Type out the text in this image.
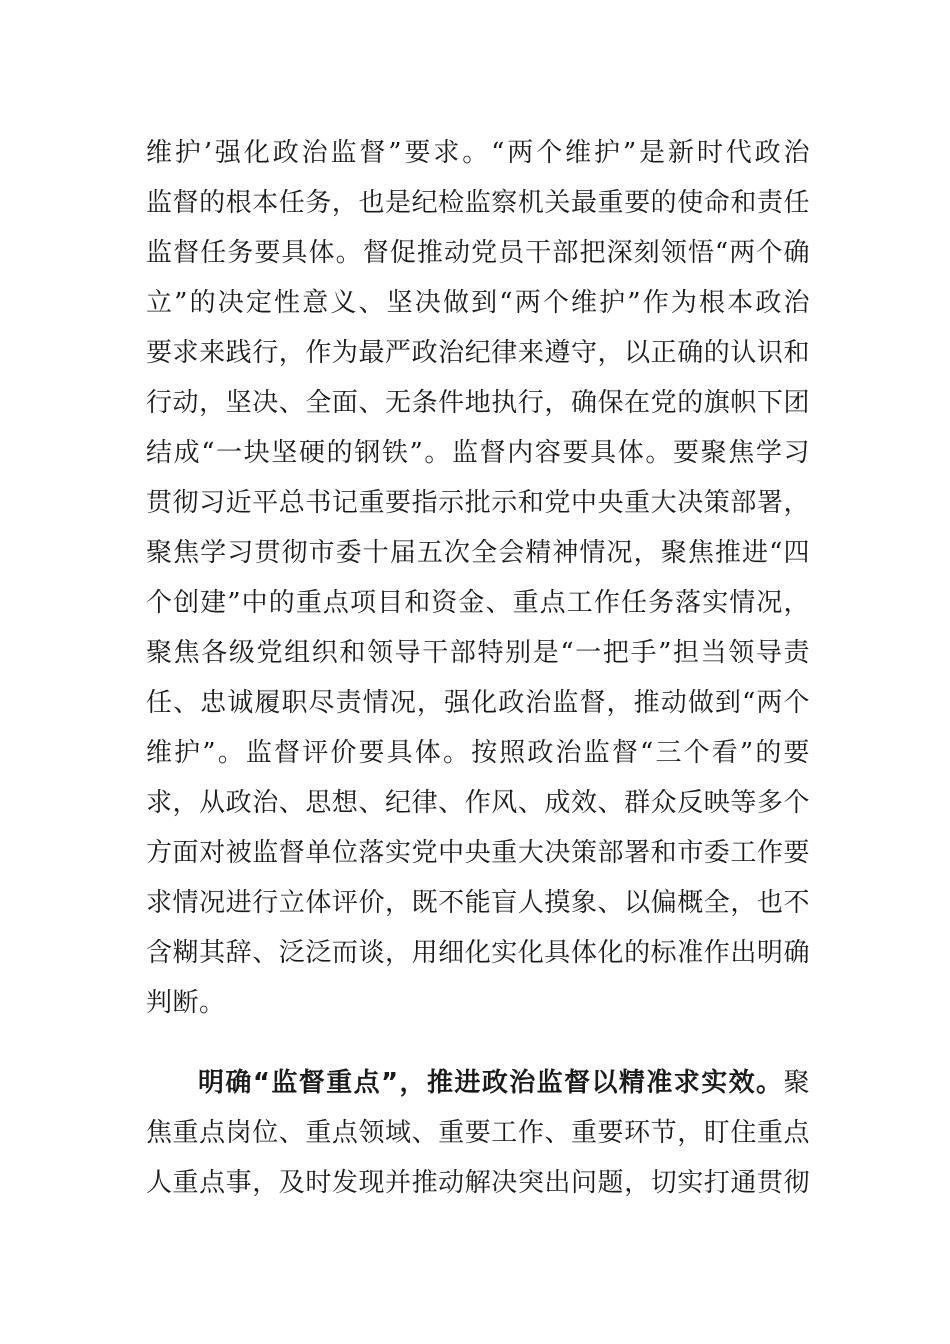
维护’强化政治监督”要求。“两个维护”是新时代政治
监督的根本任务，也是纪检监察机关最重要的使命和责任
监督任务要具体。督促推动党员干部把深刻领悟“两个确
立”的决定性意义、坚决做到“两个维护”作为根本政治
要求来践行，作为最严政治纪律来遵守，以正确的认识和
行动，坚决、全面、无条件地执行，确保在党的旗帜下团
结成“一块坚硬的钢铁”。监督内容要具体。要聚焦学习
贯彻习近平总书记重要指示批示和党中央重大决策部署，
聚焦学习贯彻市委十届五次全会精神情况，聚焦推进“四
个创建”中的重点项目和资金、重点工作任务落实情况，
聚焦各级党组织和领导干部特别是“一把手”担当领导责
任、忠诚履职尽责情况，强化政治监督，推动做到“两个
维护”。监督评价要具体。按照政治监督“三个看”的要
求，从政治、思想、纪律、作风、成效、群众反映等多个
方面对被监督单位落实党中央重大决策部署和市委工作要
求情况进行立体评价，既不能盲人摸象、以偏概全，也不
含糊其辞、泛泛而谈，用细化实化具体化的标准作出明确
判断。
明确“监督重点”，推进政治监督以精准求实效。聚
焦重点岗位、重点领域、重要工作、重要环节，盯住重点
人重点事，及时发现并推动解决突出问题，切实打通贯彻
